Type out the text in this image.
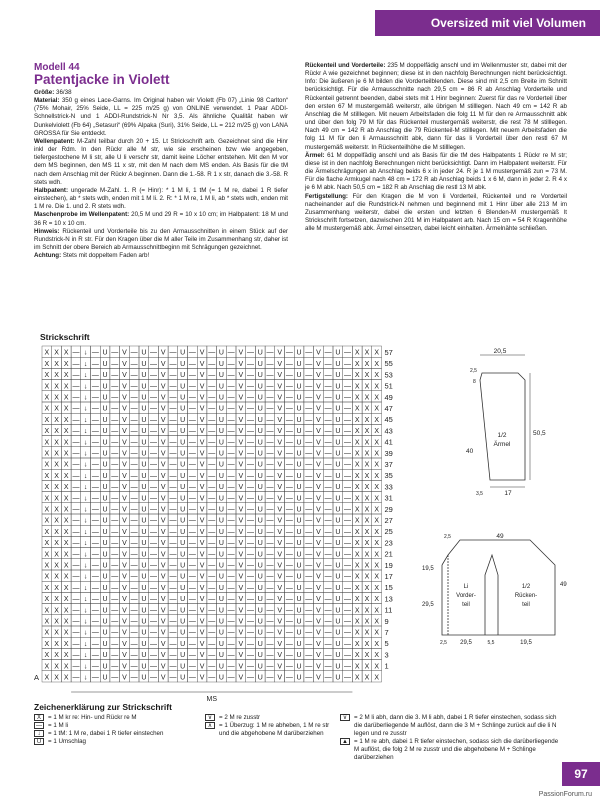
Oversized mit viel Volumen
Modell 44
Patentjacke in Violett

Größe: 36/38

Material: 350 g eines Lace-Garns. Im Original haben wir Violett (Fb 07) „Linie 98 Carlton“ (75% Mohair, 25% Seide, LL = 225 m/25 g) von ONLINE verwendet. 1 Paar ADDI-Schnellstrick-N und 1 ADDI-Rundstrick-N Nr 3,5. Als ähnliche Qualität haben wir Dunkelviolett (Fb 64) „Setasuri“ (69% Alpaka (Suri), 31% Seide, LL = 212 m/25 g) von LANA GROSSA für Sie entdeckt.

Wellenpatent: M-Zahl teilbar durch 20 + 15. Lt Strickschrift arb. Gezeichnet sind die Hinr inkl der Rdm. In den Rückr alle M str, wie sie erscheinen bzw wie angegeben, tiefergestochene M li str, alle U li verschr str, damit keine Löcher entstehen. Mit den M vor dem MS beginnen, den MS 11 x str, mit den M nach dem MS enden. Als Basis für die tM nach dem Anschlag mit der Rückr A beginnen. Dann die 1.-58. R 1 x str, danach die 3.-58. R stets wdh.

Halbpatent: ungerade M-Zahl. 1. R (= Hinr): * 1 M li, 1 tM (= 1 M re, dabei 1 R tiefer einstechen), ab * stets wdh, enden mit 1 M li. 2. R: * 1 M re, 1 M li, ab * stets wdh, enden mit 1 M re. Die 1. und 2. R stets wdh.

Maschenprobe im Wellenpatent: 20,5 M und 29 R = 10 x 10 cm; im Halbpatent: 18 M und 36 R = 10 x 10 cm.

Hinweis: Rückenteil und Vorderteile bis zu den Armausschnitten in einem Stück auf der Rundstrick-N in R str. Für den Kragen über die M aller Teile im Zusammenhang str, daher ist im Schnitt der obere Bereich ab Armausschnittbeginn mit Schrägungen gezeichnet.

Achtung: Stets mit doppeltem Faden arb!

Rückenteil und Vorderteile: 235 M doppelfädig anschl und im Wellenmuster str, dabei mit der Rückr A wie gezeichnet beginnen; diese ist in den nachfolg Berechnungen nicht berücksichtigt. Info: Die äußeren je 6 M bilden die Vorderteilblenden. Diese sind mit 2,5 cm Breite im Schnitt berücksichtigt. Für die Armausschnitte nach 29,5 cm = 86 R ab Anschlag Vorderteile und Rückenteil getrennt beenden, dabei stets mit 1 Hinr beginnen: Zuerst für das re Vorderteil über den ersten 67 M mustergemäß weiterstr, alle übrigen M stilllegen. Nach 49 cm = 142 R ab Anschlag die M stilllegen. Mit neuem Arbeitsfaden die folg 11 M für den re Armausschnitt abk und über den folg 79 M für das Rückenteil mustergemäß weiterstr, die rest 78 M stilllegen. Nach 49 cm = 142 R ab Anschlag die 79 Rückenteil-M stilllegen. Mit neuem Arbeitsfaden die folg 11 M für den li Armausschnitt abk, dann für das li Vorderteil über den restl 67 M mustergemäß weiterstr. In Rückenteilhöhe die M stilllegen.

Ärmel: 61 M doppelfädig anschl und als Basis für die tM des Halbpatents 1 Rückr re M str; diese ist in den nachfolg Berechnungen nicht berücksichtigt. Dann im Halbpatent weiterstr. Für die Ärmelschrägungen ab Anschlag beids 6 x in jeder 24. R je 1 M mustergemäß zun = 73 M. Für die flache Armkugel nach 48 cm = 172 R ab Anschlag beids 1 x 6 M, dann in jeder 2. R 4 x je 6 M abk. Nach 50,5 cm = 182 R ab Anschlag die restl 13 M abk.

Fertigstellung: Für den Kragen die M von li Vorderteil, Rückenteil und re Vorderteil nacheinander auf die Rundstrick-N nehmen und beginnend mit 1 Hinr über alle 213 M im Zusammenhang weiterstr, dabei die ersten und letzten 6 Blenden-M mustergemäß lt Strickschrift fortsetzen, dazwischen 201 M im Halbpatent arb. Nach 15 cm = 54 R Kragenhöhe alle M mustergemäß abk. Ärmel einsetzen, dabei leicht einhalten. Ärmelnähte schließen.

Strickschrift
X X X — ↓ — U — V — U — V — U — V — U — V — U — V — U — V — U — X X X 57
X X X — ↓ — U — V — U — V — U — V — U — V — U — V — U — V — U — X X X 55
X X X — ↓ — U — V — U — V — U — V — U — V — U — V — U — V — U — X X X 53
X X X — ↓ — U — V — U — V — U — V — U — V — U — V — U — V — U — X X X 51
X X X — ↓ — U — V — U — V — U — V — U — V — U — V — U — V — U — X X X 49
X X X — ↓ — U — V — U — V — U — V — U — V — U — V — U — V — U — X X X 47
X X X — ↓ — U — V — U — V — U — V — U — V — U — V — U — V — U — X X X 45
X X X — ↓ — U — V — U — V — U — V — U — V — U — V — U — V — U — X X X 43
X X X — ↓ — U — V — U — V — U — V — U — V — U — V — U — V — U — X X X 41
X X X — ↓ — U — V — U — V — U — V — U — V — U — V — U — V — U — X X X 39
X X X — ↓ — U — V — U — V — U — V — U — V — U — V — U — V — U — X X X 37
X X X — ↓ — U — V — U — V — U — V — U — V — U — V — U — V — U — X X X 35
X X X — ↓ — U — V — U — V — U — V — U — V — U — V — U — V — U — X X X 33
X X X — ↓ — U — V — U — V — U — V — U — V — U — V — U — V — U — X X X 31
X X X — ↓ — U — V — U — V — U — V — U — V — U — V — U — V — U — X X X 29
X X X — ↓ — U — V — U — V — U — V — U — V — U — V — U — V — U — X X X 27
X X X — ↓ — U — V — U — V — U — V — U — V — U — V — U — V — U — X X X 25
X X X — ↓ — U — V — U — V — U — V — U — V — U — V — U — V — U — X X X 23
X X X — ↓ — U — V — U — V — U — V — U — V — U — V — U — V — U — X X X 21
X X X — ↓ — U — V — U — V — U — V — U — V — U — V — U — V — U — X X X 19
X X X — ↓ — U — V — U — V — U — V — U — V — U — V — U — V — U — X X X 17
X X X — ↓ — U — V — U — V — U — V — U — V — U — V — U — V — U — X X X 15
X X X — ↓ — U — V — U — V — U — V — U — V — U — V — U — V — U — X X X 13
X X X — ↓ — U — V — U — V — U — V — U — V — U — V — U — V — U — X X X 11
X X X — ↓ — U — V — U — V — U — V — U — V — U — V — U — V — U — X X X 9
X X X — ↓ — U — V — U — V — U — V — U — V — U — V — U — V — U — X X X 7
X X X — ↓ — U — V — U — V — U — V — U — V — U — V — U — V — U — X X X 5
X X X — ↓ — U — V — U — V — U — V — U — V — U — V — U — V — U — X X X 3
X X X — ↓ — U — V — U — V — U — V — U — V — U — V — U — V — U — X X X 1
X X X — ↓ — U — V — U — V — U — V — U — V — U — V — U — V — U — X X X
A
MS
20,5
2,5
8
50,5
40
1/2
Ärmel
3,5	17
2,5	49
19,5
29,5
49
Li
Vorder-
teil
1/2
Rücken-
teil
2,5 29,5	5,5	19,5
Zeichenerklärung zur Strickschrift
X	= 1 M kr re: Hin- und Rückr re M
— = 1 M li
↓	= 1 tM: 1 M re, dabei 1 R tiefer einstechen
U	= 1 Umschlag
⊽	= 2 M re zusstr
⊼	= 1 Überzug: 1 M re abheben, 1 M re str und die abgehobene M darüberziehen
⊽	= 2 M li abh, dann die 3. M li abh, dabei 1 R tiefer einstechen, sodass sich die darüberliegende M auflöst, dann die 3 M + Schlinge zurück auf die li N legen und re zusstr
▲ = 1 M re abh, dabei 1 R tiefer einstechen, sodass sich die darüberliegende M auflöst, die folg 2 M re zusstr und die abgehobene M + Schlinge darüberziehen
97
PassionForum.ru
